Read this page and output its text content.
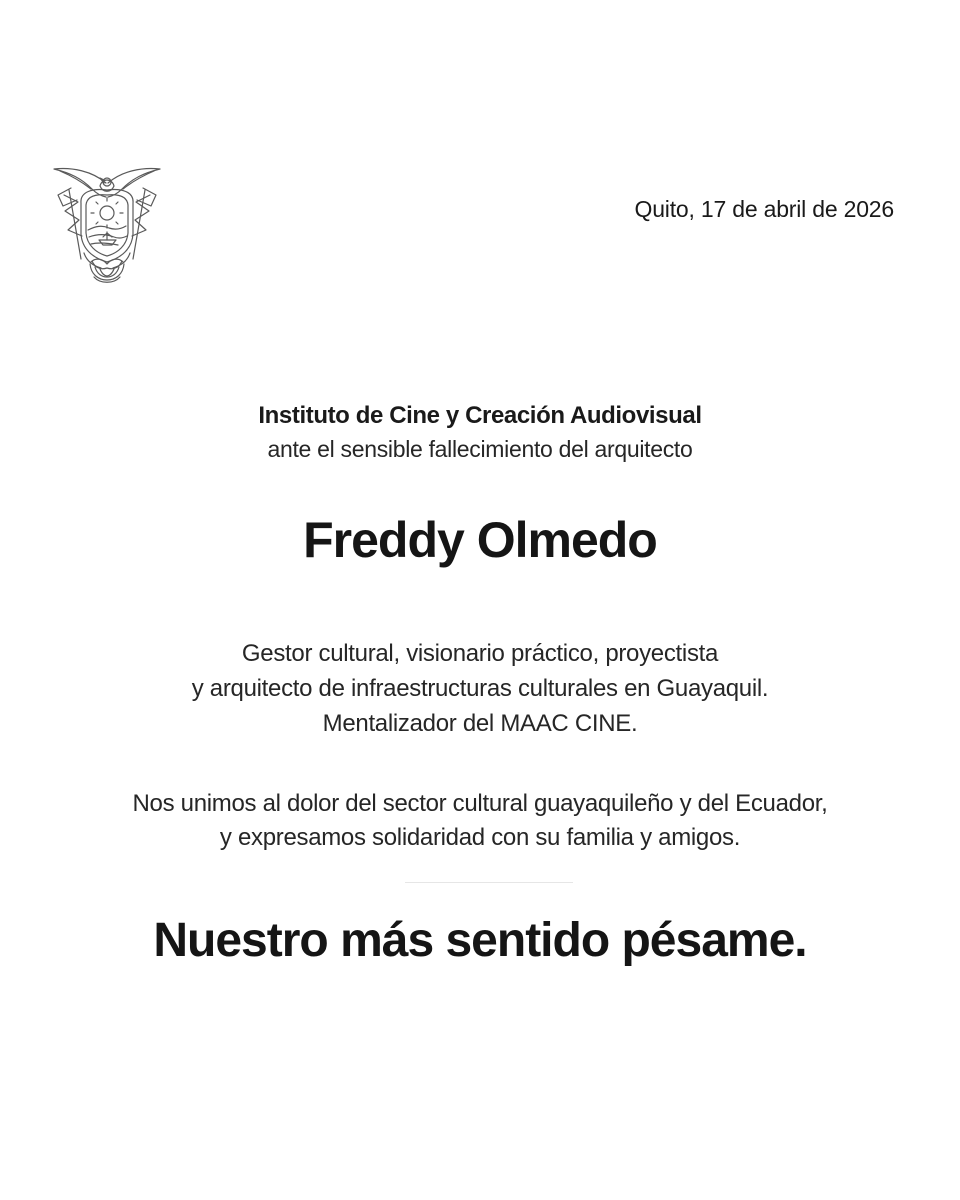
Quito, 17 de abril de 2026
Instituto de Cine y Creación Audiovisual
ante el sensible fallecimiento del arquitecto
Freddy Olmedo
Gestor cultural, visionario práctico, proyectista
y arquitecto de infraestructuras culturales en Guayaquil.
Mentalizador del MAAC CINE.
Nos unimos al dolor del sector cultural guayaquileño y del Ecuador,
y expresamos solidaridad con su familia y amigos.
Nuestro más sentido pésame.
